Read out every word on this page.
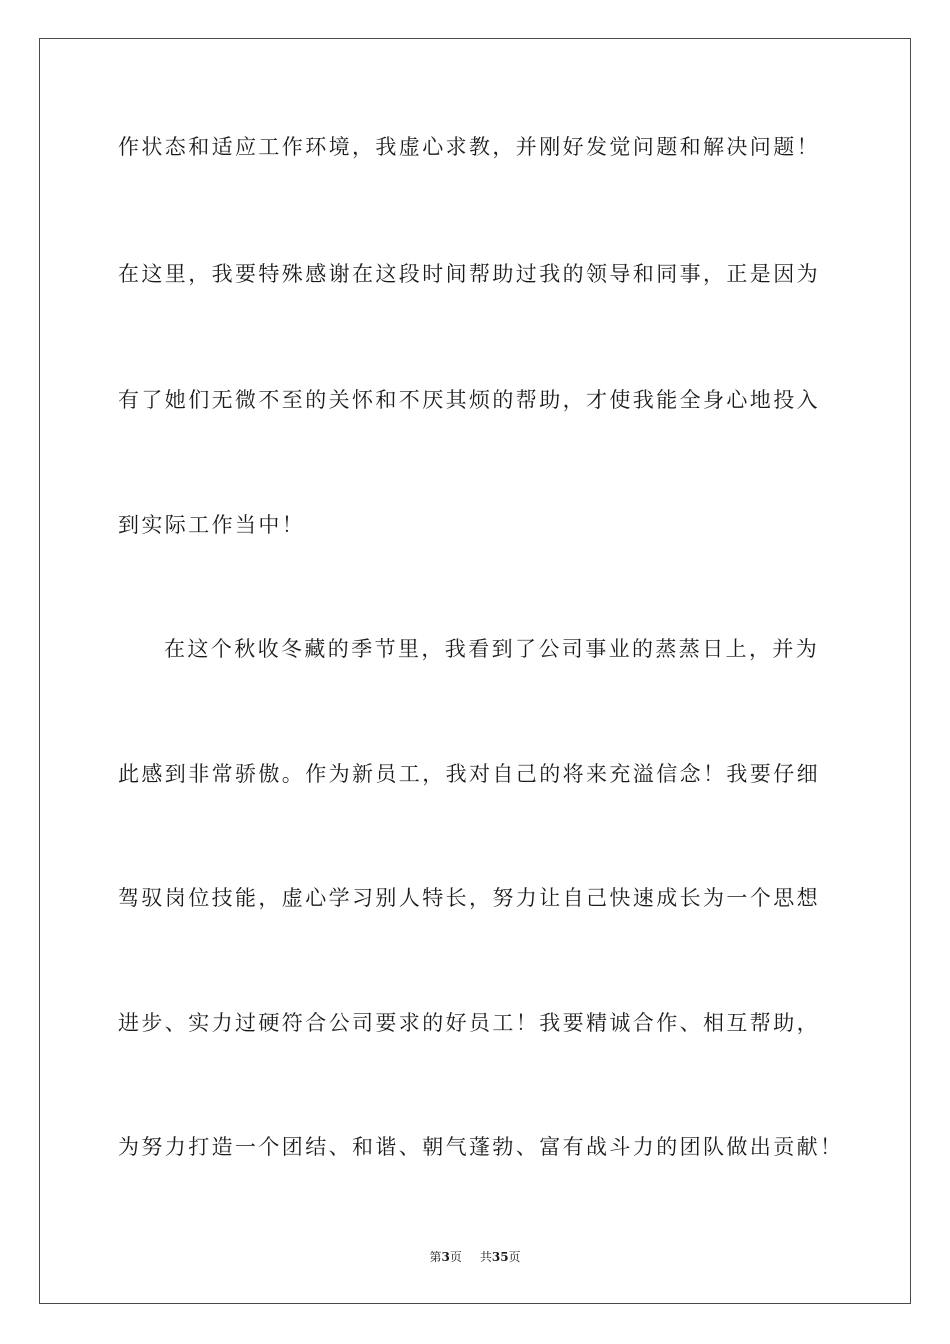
作状态和适应工作环境，我虚心求教，并刚好发觉问题和解决问题！

在这里，我要特殊感谢在这段时间帮助过我的领导和同事，正是因为

有了她们无微不至的关怀和不厌其烦的帮助，才使我能全身心地投入

到实际工作当中！

在这个秋收冬藏的季节里，我看到了公司事业的蒸蒸日上，并为

此感到非常骄傲。作为新员工，我对自己的将来充溢信念！我要仔细

驾驭岗位技能，虚心学习别人特长，努力让自己快速成长为一个思想

进步、实力过硬符合公司要求的好员工！我要精诚合作、相互帮助，

为努力打造一个团结、和谐、朝气蓬勃、富有战斗力的团队做出贡献！

第3页 共35页
